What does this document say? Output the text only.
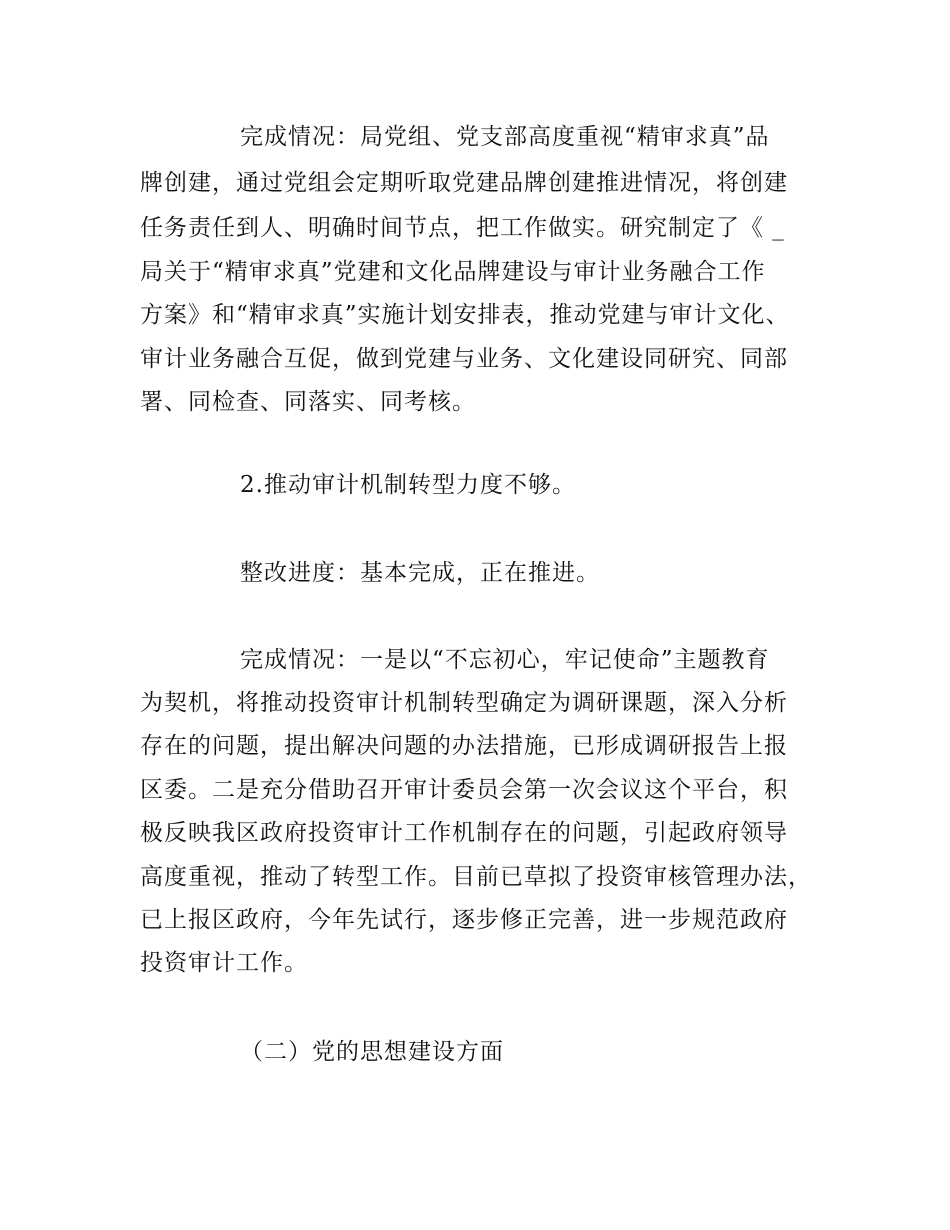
完成情况：局党组、党支部高度重视“精审求真”品
牌创建，通过党组会定期听取党建品牌创建推进情况，将创建
任务责任到人、明确时间节点，把工作做实。研究制定了《 _
局关于“精审求真”党建和文化品牌建设与审计业务融合工作
方案》和“精审求真”实施计划安排表，推动党建与审计文化、
审计业务融合互促，做到党建与业务、文化建设同研究、同部
署、同检查、同落实、同考核。
2.推动审计机制转型力度不够。
整改进度：基本完成，正在推进。
完成情况：一是以“不忘初心，牢记使命”主题教育
为契机，将推动投资审计机制转型确定为调研课题，深入分析
存在的问题，提出解决问题的办法措施，已形成调研报告上报
区委。二是充分借助召开审计委员会第一次会议这个平台，积
极反映我区政府投资审计工作机制存在的问题，引起政府领导
高度重视，推动了转型工作。目前已草拟了投资审核管理办法，
已上报区政府，今年先试行，逐步修正完善，进一步规范政府
投资审计工作。
（二）党的思想建设方面
